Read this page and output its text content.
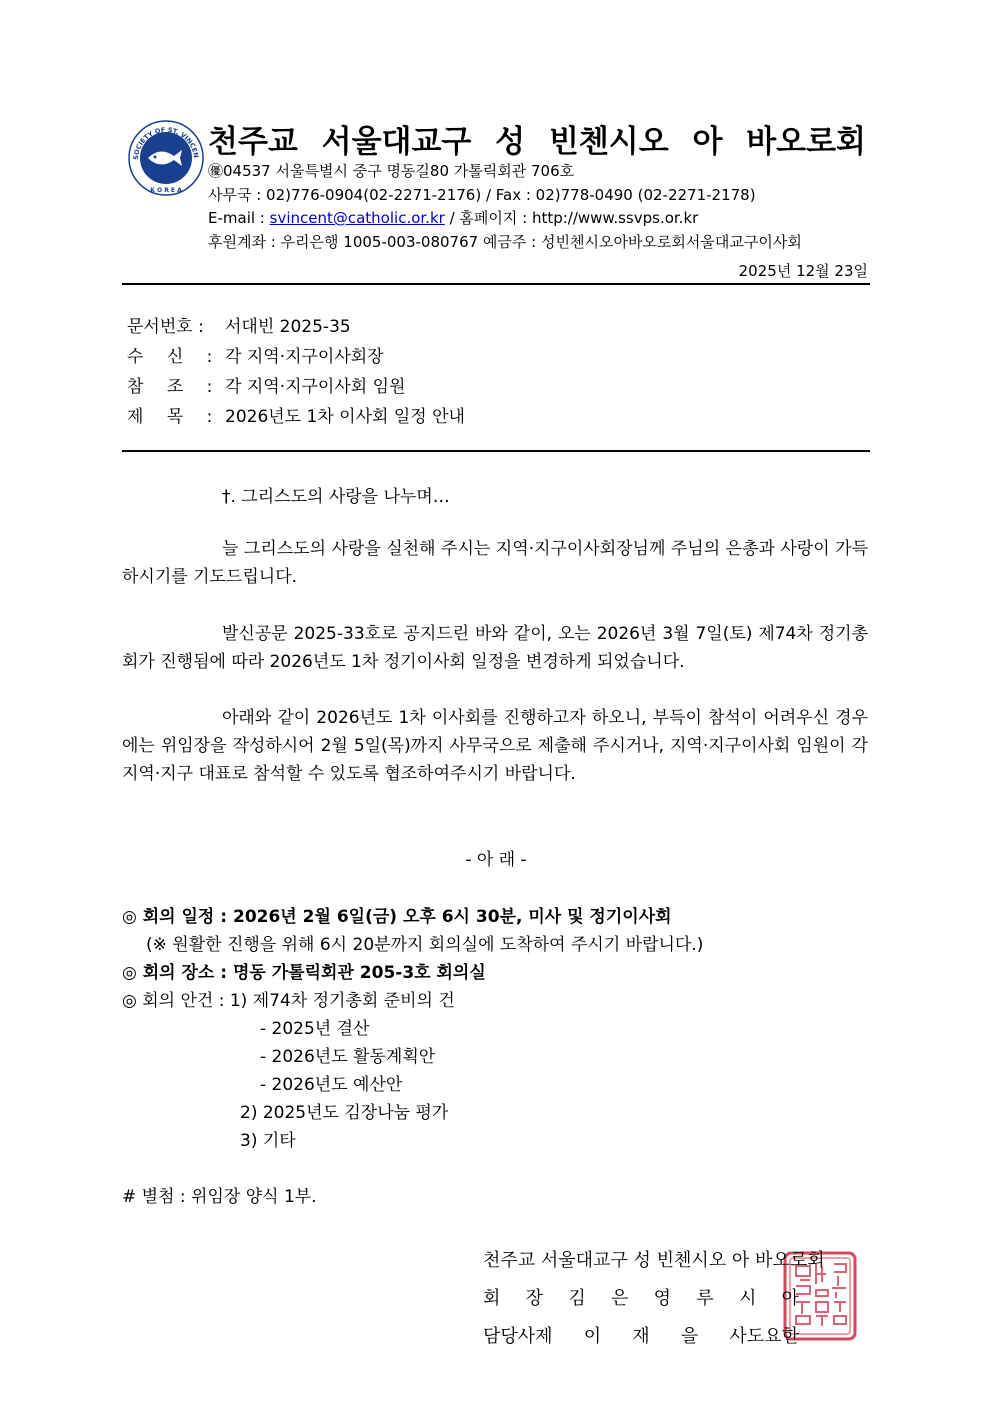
SOCIETY OF ST. VINCEN
K O R E A
천주교 서울대교구 성 빈첸시오 아 바오로회
㊝04537 서울특별시 중구 명동길80 가톨릭회관 706호
사무국 : 02)776-0904(02-2271-2176) / Fax : 02)778-0490 (02-2271-2178)
E-mail : svincent@catholic.or.kr / 홈페이지 : http://www.ssvps.or.kr
후원계좌 : 우리은행 1005-003-080767 예금주 : 성빈첸시오아바오로회서울대교구이사회
2025년 12월 23일
문서번호 : 서대빈 2025-35
수 신 : 각 지역·지구이사회장
참 조 : 각 지역·지구이사회 임원
제 목 : 2026년도 1차 이사회 일정 안내
†. 그리스도의 사랑을 나누며…
늘 그리스도의 사랑을 실천해 주시는 지역·지구이사회장님께 주님의 은총과 사랑이 가득하시기를 기도드립니다.
발신공문 2025-33호로 공지드린 바와 같이, 오는 2026년 3월 7일(토) 제74차 정기총회가 진행됨에 따라 2026년도 1차 정기이사회 일정을 변경하게 되었습니다.
아래와 같이 2026년도 1차 이사회를 진행하고자 하오니, 부득이 참석이 어려우신 경우에는 위임장을 작성하시어 2월 5일(목)까지 사무국으로 제출해 주시거나, 지역·지구이사회 임원이 각 지역·지구 대표로 참석할 수 있도록 협조하여주시기 바랍니다.
- 아 래 -
◎ 회의 일정 : 2026년 2월 6일(금) 오후 6시 30분, 미사 및 정기이사회
(※ 원활한 진행을 위해 6시 20분까지 회의실에 도착하여 주시기 바랍니다.)
◎ 회의 장소 : 명동 가톨릭회관 205-3호 회의실
◎ 회의 안건 : 1) 제74차 정기총회 준비의 건
- 2025년 결산
- 2026년도 활동계획안
- 2026년도 예산안
2) 2025년도 김장나눔 평가
3) 기타
# 별첨 : 위임장 양식 1부.
천주교 서울대교구 성 빈첸시오 아 바오로회
회 장 김 은 영 루 시 아
담당사제 이 재 을 사도요한
